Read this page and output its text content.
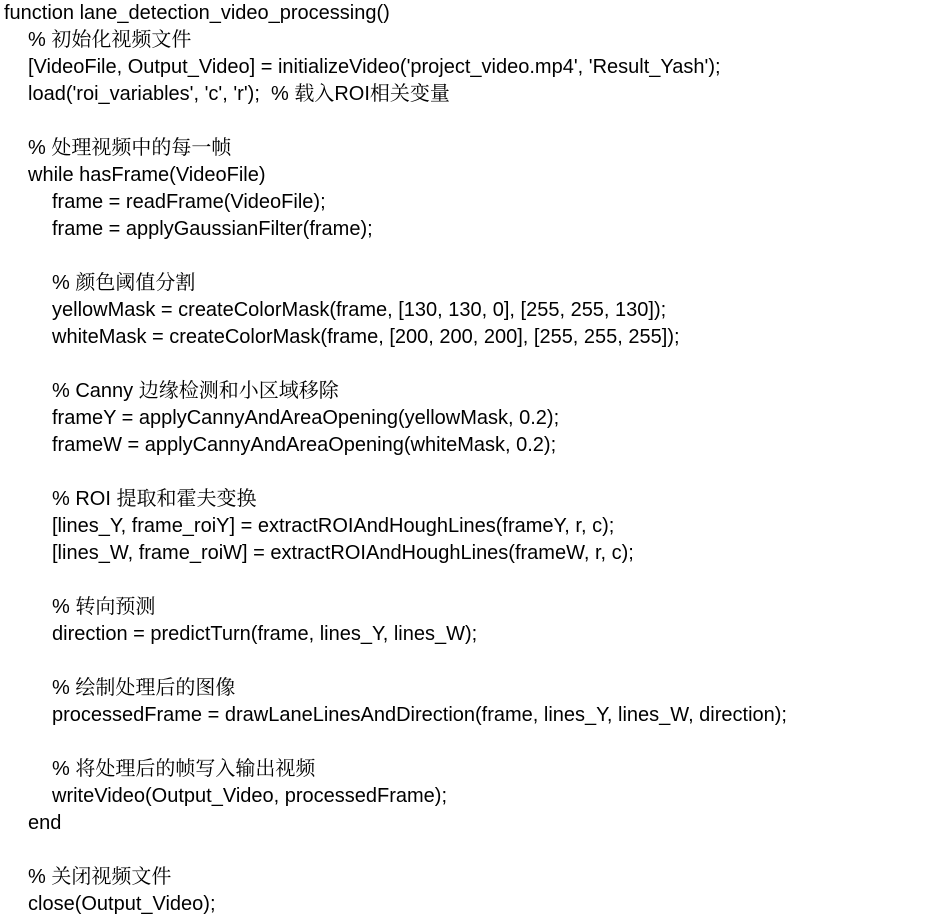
function lane_detection_video_processing()
% 初始化视频文件
[VideoFile, Output_Video] = initializeVideo('project_video.mp4', 'Result_Yash');
load('roi_variables', 'c', 'r');  % 载入ROI相关变量
% 处理视频中的每一帧
while hasFrame(VideoFile)
frame = readFrame(VideoFile);
frame = applyGaussianFilter(frame);
% 颜色阈值分割
yellowMask = createColorMask(frame, [130, 130, 0], [255, 255, 130]);
whiteMask = createColorMask(frame, [200, 200, 200], [255, 255, 255]);
% Canny 边缘检测和小区域移除
frameY = applyCannyAndAreaOpening(yellowMask, 0.2);
frameW = applyCannyAndAreaOpening(whiteMask, 0.2);
% ROI 提取和霍夫变换
[lines_Y, frame_roiY] = extractROIAndHoughLines(frameY, r, c);
[lines_W, frame_roiW] = extractROIAndHoughLines(frameW, r, c);
% 转向预测
direction = predictTurn(frame, lines_Y, lines_W);
% 绘制处理后的图像
processedFrame = drawLaneLinesAndDirection(frame, lines_Y, lines_W, direction);
% 将处理后的帧写入输出视频
writeVideo(Output_Video, processedFrame);
end
% 关闭视频文件
close(Output_Video);
